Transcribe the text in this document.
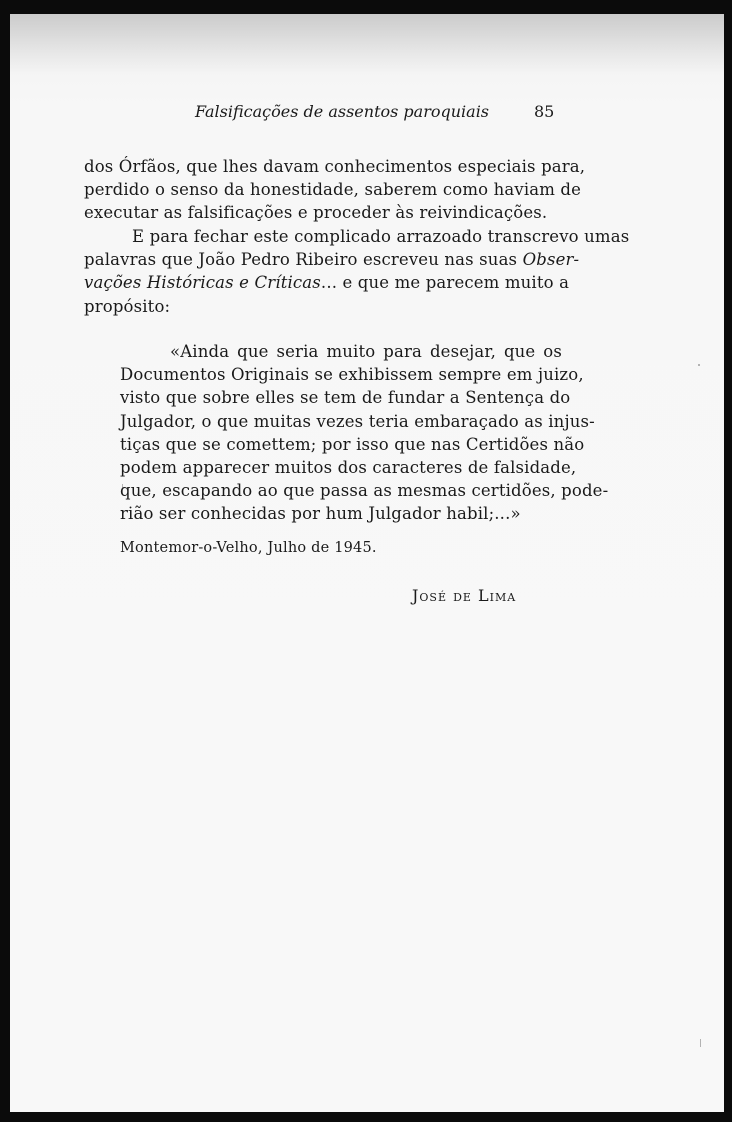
Falsificações de assentos paroquiais	85
dos Órfãos, que lhes davam conhecimentos especiais para,
perdido o senso da honestidade, saberem como haviam de
executar as falsificações e proceder às reivindicações.
E para fechar este complicado arrazoado transcrevo umas
palavras que João Pedro Ribeiro escreveu nas suas Obser-
vações Históricas e Críticas... e que me parecem muito a
propósito:
«Ainda que seria muito para desejar, que os
Documentos Originais se exhibissem sempre em juizo,
visto que sobre elles se tem de fundar a Sentença do
Julgador, o que muitas vezes teria embaraçado as injus-
tiças que se comettem; por isso que nas Certidões não
podem apparecer muitos dos caracteres de falsidade,
que, escapando ao que passa as mesmas certidões, pode-
rião ser conhecidas por hum Julgador habil;...»
Montemor-o-Velho, Julho de 1945.
José de Lima
